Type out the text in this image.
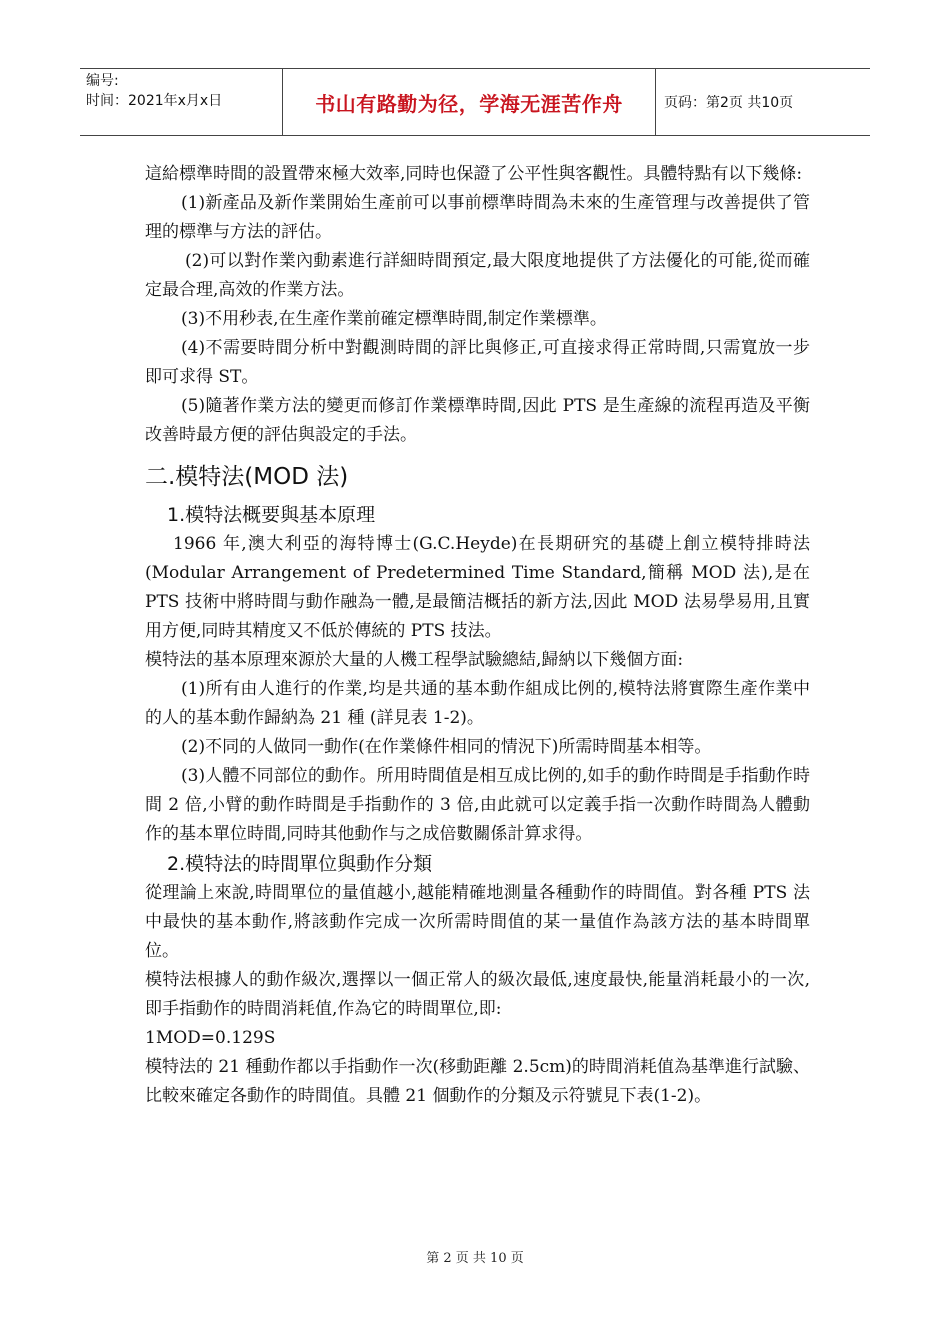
编号:
时间：2021年x月x日	书山有路勤为径，学海无涯苦作舟	页码：第2页 共10页

這給標準時間的設置帶來極大效率,同時也保證了公平性與客觀性。具體特點有以下幾條:

(1)新產品及新作業開始生產前可以事前標準時間為未來的生產管理与改善提供了管理的標準与方法的評估。

(2)可以對作業內動素進行詳細時間預定,最大限度地提供了方法優化的可能,從而確定最合理,高效的作業方法。

(3)不用秒表,在生產作業前確定標準時間,制定作業標準。

(4)不需要時間分析中對觀測時間的評比與修正,可直接求得正常時間,只需寬放一步即可求得 ST。

(5)隨著作業方法的變更而修訂作業標準時間,因此 PTS 是生產線的流程再造及平衡改善時最方便的評估與設定的手法。

二.模特法(MOD 法)
1.模特法概要與基本原理

1966 年,澳大利亞的海特博士(G.C.Heyde)在長期研究的基礎上創立模特排時法(Modular Arrangement of Predetermined Time Standard,簡稱 MOD 法),是在 PTS 技術中將時間与動作融為一體,是最簡洁概括的新方法,因此 MOD 法易學易用,且實用方便,同時其精度又不低於傳統的 PTS 技法。

模特法的基本原理來源於大量的人機工程學試驗總結,歸納以下幾個方面:

(1)所有由人進行的作業,均是共通的基本動作組成比例的,模特法將實際生產作業中的人的基本動作歸納為 21 種 (詳見表 1-2)。

(2)不同的人做同一動作(在作業條件相同的情況下)所需時間基本相等。

(3)人體不同部位的動作。所用時間值是相互成比例的,如手的動作時間是手指動作時間 2 倍,小臂的動作時間是手指動作的 3 倍,由此就可以定義手指一次動作時間為人體動作的基本單位時間,同時其他動作与之成倍數關係計算求得。

2.模特法的時間單位與動作分類

從理論上來說,時間單位的量值越小,越能精確地測量各種動作的時間值。對各種 PTS 法中最快的基本動作,將該動作完成一次所需時間值的某一量值作為該方法的基本時間單位。

模特法根據人的動作級次,選擇以一個正常人的級次最低,速度最快,能量消耗最小的一次,即手指動作的時間消耗值,作為它的時間單位,即:

1MOD=0.129S

模特法的 21 種動作都以手指動作一次(移動距離 2.5cm)的時間消耗值為基準進行試驗、比較來確定各動作的時間值。具體 21 個動作的分類及示符號見下表(1-2)。

第 2 页 共 10 页
